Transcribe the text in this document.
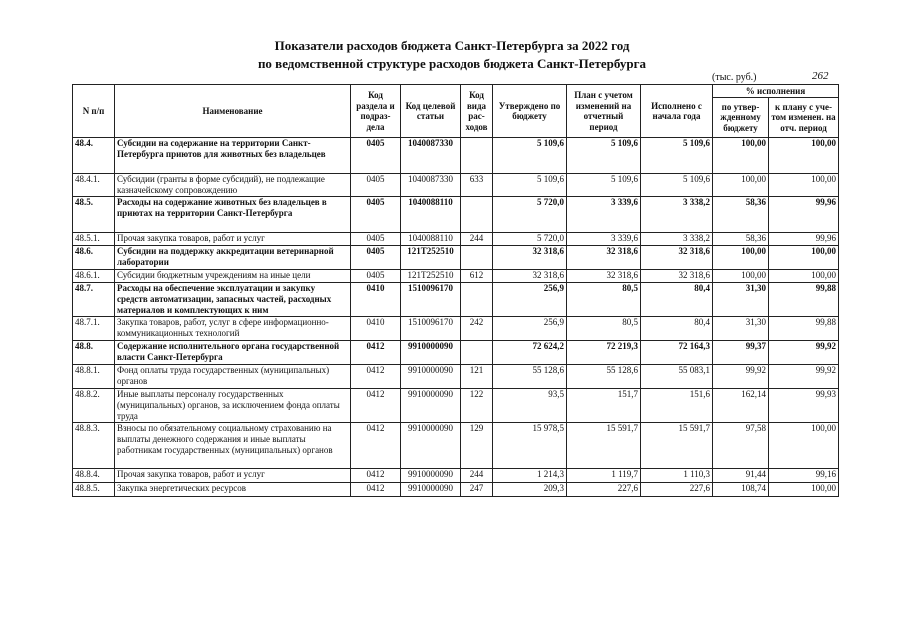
Показатели расходов бюджета Санкт-Петербурга за 2022 год
по ведомственной структуре расходов бюджета Санкт-Петербурга
(тыс. руб.)	262
N п/п	Наименование	Код раздела и подраз-дела	Код целевой статьи	Код вида рас-ходов	Утверждено по бюджету	План с учетом изменений на отчетный период	Исполнено с начала года	% исполнения	
								по утвер-жденному бюджету	к плану с уче-том изменен. на отч. период
48.4.	Субсидии на содержание на территории Санкт-Петербурга приютов для животных без владельцев	0405	1040087330		5 109,6	5 109,6	5 109,6	100,00	100,00
48.4.1.	Субсидии (гранты в форме субсидий), не подлежащие казначейскому сопровождению	0405	1040087330	633	5 109,6	5 109,6	5 109,6	100,00	100,00
48.5.	Расходы на содержание животных без владельцев в приютах на территории Санкт-Петербурга	0405	1040088110		5 720,0	3 339,6	3 338,2	58,36	99,96
48.5.1.	Прочая закупка товаров, работ и услуг	0405	1040088110	244	5 720,0	3 339,6	3 338,2	58,36	99,96
48.6.	Субсидии на поддержку аккредитации ветеринарной лаборатории	0405	121Т252510		32 318,6	32 318,6	32 318,6	100,00	100,00
48.6.1.	Субсидии бюджетным учреждениям на иные цели	0405	121Т252510	612	32 318,6	32 318,6	32 318,6	100,00	100,00
48.7.	Расходы на обеспечение эксплуатации и закупку средств автоматизации, запасных частей, расходных материалов и комплектующих к ним	0410	1510096170		256,9	80,5	80,4	31,30	99,88
48.7.1.	Закупка товаров, работ, услуг в сфере информационно-коммуникационных технологий	0410	1510096170	242	256,9	80,5	80,4	31,30	99,88
48.8.	Содержание исполнительного органа государственной власти Санкт-Петербурга	0412	9910000090		72 624,2	72 219,3	72 164,3	99,37	99,92
48.8.1.	Фонд оплаты труда государственных (муниципальных) органов	0412	9910000090	121	55 128,6	55 128,6	55 083,1	99,92	99,92
48.8.2.	Иные выплаты персоналу государственных (муниципальных) органов, за исключением фонда оплаты труда	0412	9910000090	122	93,5	151,7	151,6	162,14	99,93
48.8.3.	Взносы по обязательному социальному страхованию на выплаты денежного содержания и иные выплаты работникам государственных (муниципальных) органов	0412	9910000090	129	15 978,5	15 591,7	15 591,7	97,58	100,00
48.8.4.	Прочая закупка товаров, работ и услуг	0412	9910000090	244	1 214,3	1 119,7	1 110,3	91,44	99,16
48.8.5.	Закупка энергетических ресурсов	0412	9910000090	247	209,3	227,6	227,6	108,74	100,00
